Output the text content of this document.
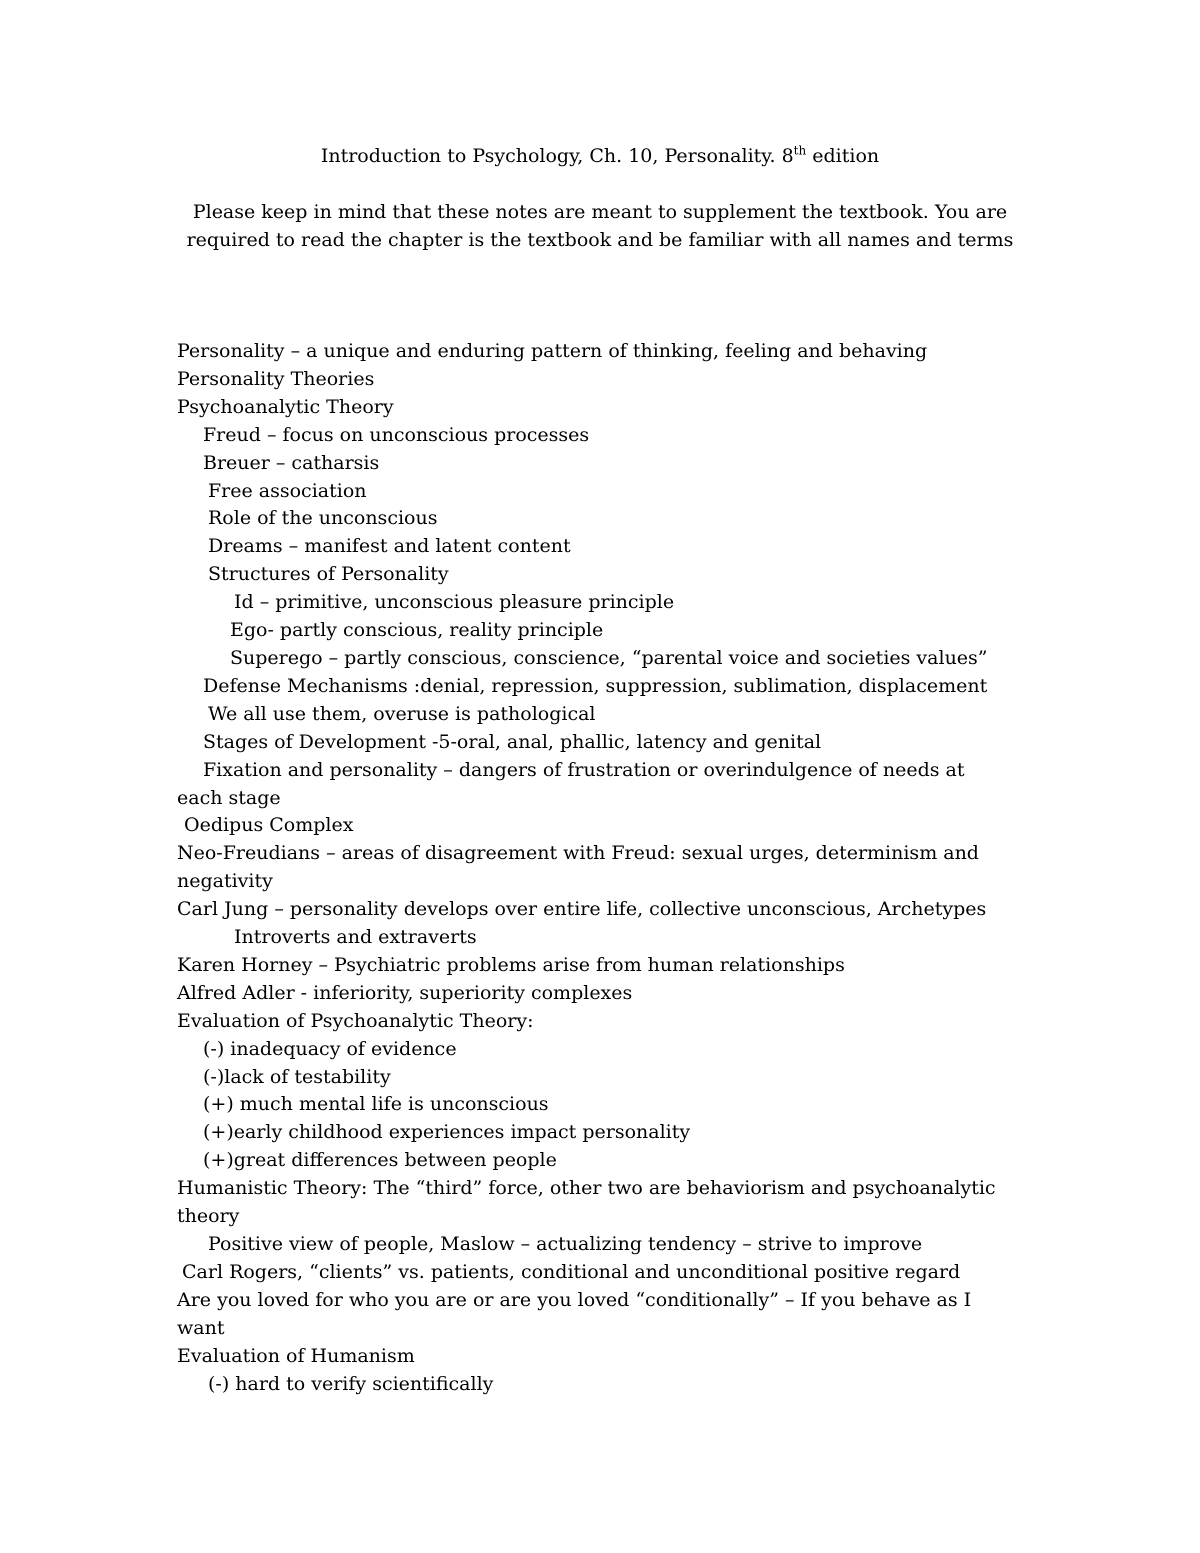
Introduction to Psychology, Ch. 10, Personality. 8th edition
Please keep in mind that these notes are meant to supplement the textbook. You are required to read the chapter is the textbook and be familiar with all names and terms
Personality – a unique and enduring pattern of thinking, feeling and behaving
Personality Theories
Psychoanalytic Theory
Freud – focus on unconscious processes
Breuer – catharsis
Free association
Role of the unconscious
Dreams – manifest and latent content
Structures of Personality
Id – primitive, unconscious pleasure principle
Ego- partly conscious, reality principle
Superego – partly conscious, conscience, “parental voice and societies values”
Defense Mechanisms :denial, repression, suppression, sublimation, displacement
We all use them, overuse is pathological
Stages of Development -5-oral, anal, phallic, latency and genital
Fixation and personality – dangers of frustration or overindulgence of needs at
each stage
Oedipus Complex
Neo-Freudians – areas of disagreement with Freud: sexual urges, determinism and
negativity
Carl Jung – personality develops over entire life, collective unconscious, Archetypes
Introverts and extraverts
Karen Horney – Psychiatric problems arise from human relationships
Alfred Adler - inferiority, superiority complexes
Evaluation of Psychoanalytic Theory:
(-) inadequacy of evidence
(-)lack of testability
(+) much mental life is unconscious
(+)early childhood experiences impact personality
(+)great differences between people
Humanistic Theory: The “third” force, other two are behaviorism and psychoanalytic
theory
Positive view of people, Maslow – actualizing tendency – strive to improve
Carl Rogers, “clients” vs. patients, conditional and unconditional positive regard
Are you loved for who you are or are you loved “conditionally” – If you behave as I
want
Evaluation of Humanism
(-) hard to verify scientifically
